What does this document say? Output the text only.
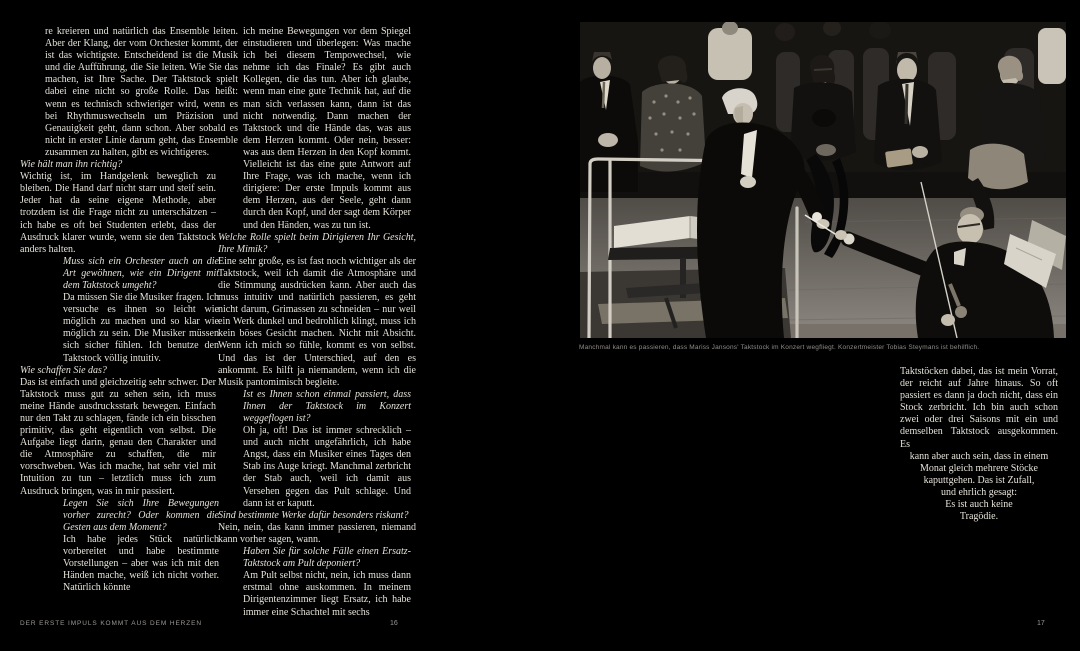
re kreieren und natürlich das Ensemble leiten. Aber der Klang, der vom Orchester kommt, der ist das wichtigste. Entscheidend ist die Musik und die Aufführung, die Sie leiten. Wie Sie das machen, ist Ihre Sache. Der Taktstock spielt dabei eine nicht so große Rolle. Das heißt: wenn es technisch schwieriger wird, wenn es bei Rhythmuswechseln um Präzision und Genauigkeit geht, dann schon. Aber sobald es nicht in erster Linie darum geht, das Ensemble zusammen zu halten, gibt es wichtigeres.

Wie hält man ihn richtig?

Wichtig ist, im Handgelenk beweglich zu bleiben. Die Hand darf nicht starr und steif sein. Jeder hat da seine eigene Methode, aber trotzdem ist die Frage nicht zu unterschätzen – ich habe es oft bei Studenten erlebt, dass der Ausdruck klarer wurde, wenn sie den Taktstock anders halten.

Muss sich ein Orchester auch an die Art gewöhnen, wie ein Dirigent mit dem Taktstock umgeht?

Da müssen Sie die Musiker fragen. Ich versuche es ihnen so leicht wie möglich zu machen und so klar wie möglich zu sein. Die Musiker müssen sich sicher fühlen. Ich benutze den Taktstock völlig intuitiv.

Wie schaffen Sie das?

Das ist einfach und gleichzeitig sehr schwer. Der Taktstock muss gut zu sehen sein, ich muss meine Hände ausdrucksstark bewegen. Einfach nur den Takt zu schlagen, fände ich ein bisschen primitiv, das geht eigentlich von selbst. Die Aufgabe liegt darin, genau den Charakter und die Atmosphäre zu schaffen, die mir vorschweben. Was ich mache, hat sehr viel mit Intuition zu tun – letztlich muss ich zum Ausdruck bringen, was in mir passiert.

Legen Sie sich Ihre Bewegungen vorher zurecht? Oder kommen die Gesten aus dem Moment?

Ich habe jedes Stück natürlich vorbereitet und habe bestimmte Vorstellungen – aber was ich mit den Händen mache, weiß ich nicht vorher. Natürlich könnte

ich meine Bewegungen vor dem Spiegel einstudieren und überlegen: Was mache ich bei diesem Tempowechsel, wie nehme ich das Finale? Es gibt auch Kollegen, die das tun. Aber ich glaube, wenn man eine gute Technik hat, auf die man sich verlassen kann, dann ist das nicht notwendig. Dann machen der Taktstock und die Hände das, was aus dem Herzen kommt. Oder nein, besser: was aus dem Herzen in den Kopf kommt. Vielleicht ist das eine gute Antwort auf Ihre Frage, was ich mache, wenn ich dirigiere: Der erste Impuls kommt aus dem Herzen, aus der Seele, geht dann durch den Kopf, und der sagt dem Körper und den Händen, was zu tun ist.

Welche Rolle spielt beim Dirigieren Ihr Gesicht, Ihre Mimik?

Eine sehr große, es ist fast noch wichtiger als der Taktstock, weil ich damit die Atmosphäre und die Stimmung ausdrücken kann. Aber auch das muss intuitiv und natürlich passieren, es geht nicht darum, Grimassen zu schneiden – nur weil ein Werk dunkel und bedrohlich klingt, muss ich kein böses Gesicht machen. Nicht mit Absicht. Wenn ich mich so fühle, kommt es von selbst. Und das ist der Unterschied, auf den es ankommt. Es hilft ja niemandem, wenn ich die Musik pantomimisch begleite.

Ist es Ihnen schon einmal passiert, dass Ihnen der Taktstock im Konzert weggeflogen ist?

Oh ja, oft! Das ist immer schrecklich – und auch nicht ungefährlich, ich habe Angst, dass ein Musiker eines Tages den Stab ins Auge kriegt. Manchmal zerbricht der Stab auch, weil ich damit aus Versehen gegen das Pult schlage. Und dann ist er kaputt.

Sind bestimmte Werke dafür besonders riskant?

Nein, nein, das kann immer passieren, niemand kann vorher sagen, wann.

Haben Sie für solche Fälle einen Ersatz-Taktstock am Pult deponiert?

Am Pult selbst nicht, nein, ich muss dann erstmal ohne auskommen. In meinem Dirigentenzimmer liegt Ersatz, ich habe immer eine Schachtel mit sechs

Manchmal kann es passieren, dass Mariss Jansons' Taktstock im Konzert wegfliegt. Konzertmeister Tobias Steymans ist behilflich.

Taktstöcken dabei, das ist mein Vorrat, der reicht auf Jahre hinaus. So oft passiert es dann ja doch nicht, dass ein Stock zerbricht. Ich bin auch schon zwei oder drei Saisons mit ein und demselben Taktstock ausgekommen. Es

kann aber auch sein, dass in einem
Monat gleich mehrere Stöcke
kaputtgehen. Das ist Zufall,
und ehrlich gesagt:
Es ist auch keine
Tragödie.
DER ERSTE IMPULS KOMMT AUS DEM HERZEN	16	17
